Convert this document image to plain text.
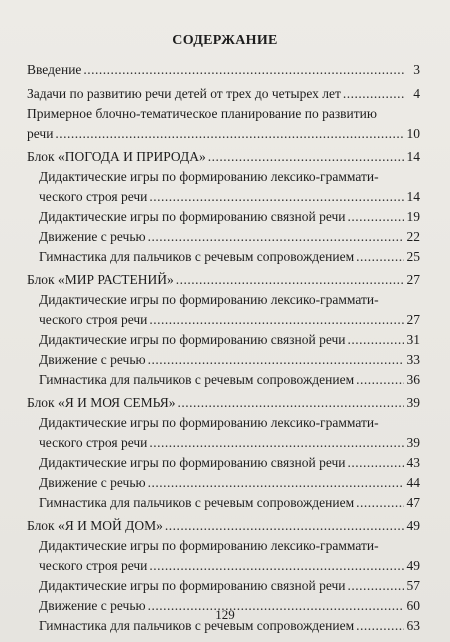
СОДЕРЖАНИЕ
Введение .....	3
Задачи по развитию речи детей от трех до четырех лет .....	4
Примерное блочно-тематическое планирование по развитию
речи .....	10
Блок «ПОГОДА И ПРИРОДА» .....	14
Дидактические игры по формированию лексико-граммати-
ческого строя речи .....	14
Дидактические игры по формированию связной речи .....	19
Движение с речью .....	22
Гимнастика для пальчиков с речевым сопровождением .....	25
Блок «МИР РАСТЕНИЙ» .....	27
Дидактические игры по формированию лексико-граммати-
ческого строя речи .....	27
Дидактические игры по формированию связной речи .....	31
Движение с речью .....	33
Гимнастика для пальчиков с речевым сопровождением .....	36
Блок «Я И МОЯ СЕМЬЯ» .....	39
Дидактические игры по формированию лексико-граммати-
ческого строя речи .....	39
Дидактические игры по формированию связной речи .....	43
Движение с речью .....	44
Гимнастика для пальчиков с речевым сопровождением .....	47
Блок «Я И МОЙ ДОМ» .....	49
Дидактические игры по формированию лексико-граммати-
ческого строя речи .....	49
Дидактические игры по формированию связной речи .....	57
Движение с речью .....	60
Гимнастика для пальчиков с речевым сопровождением .....	63
129
